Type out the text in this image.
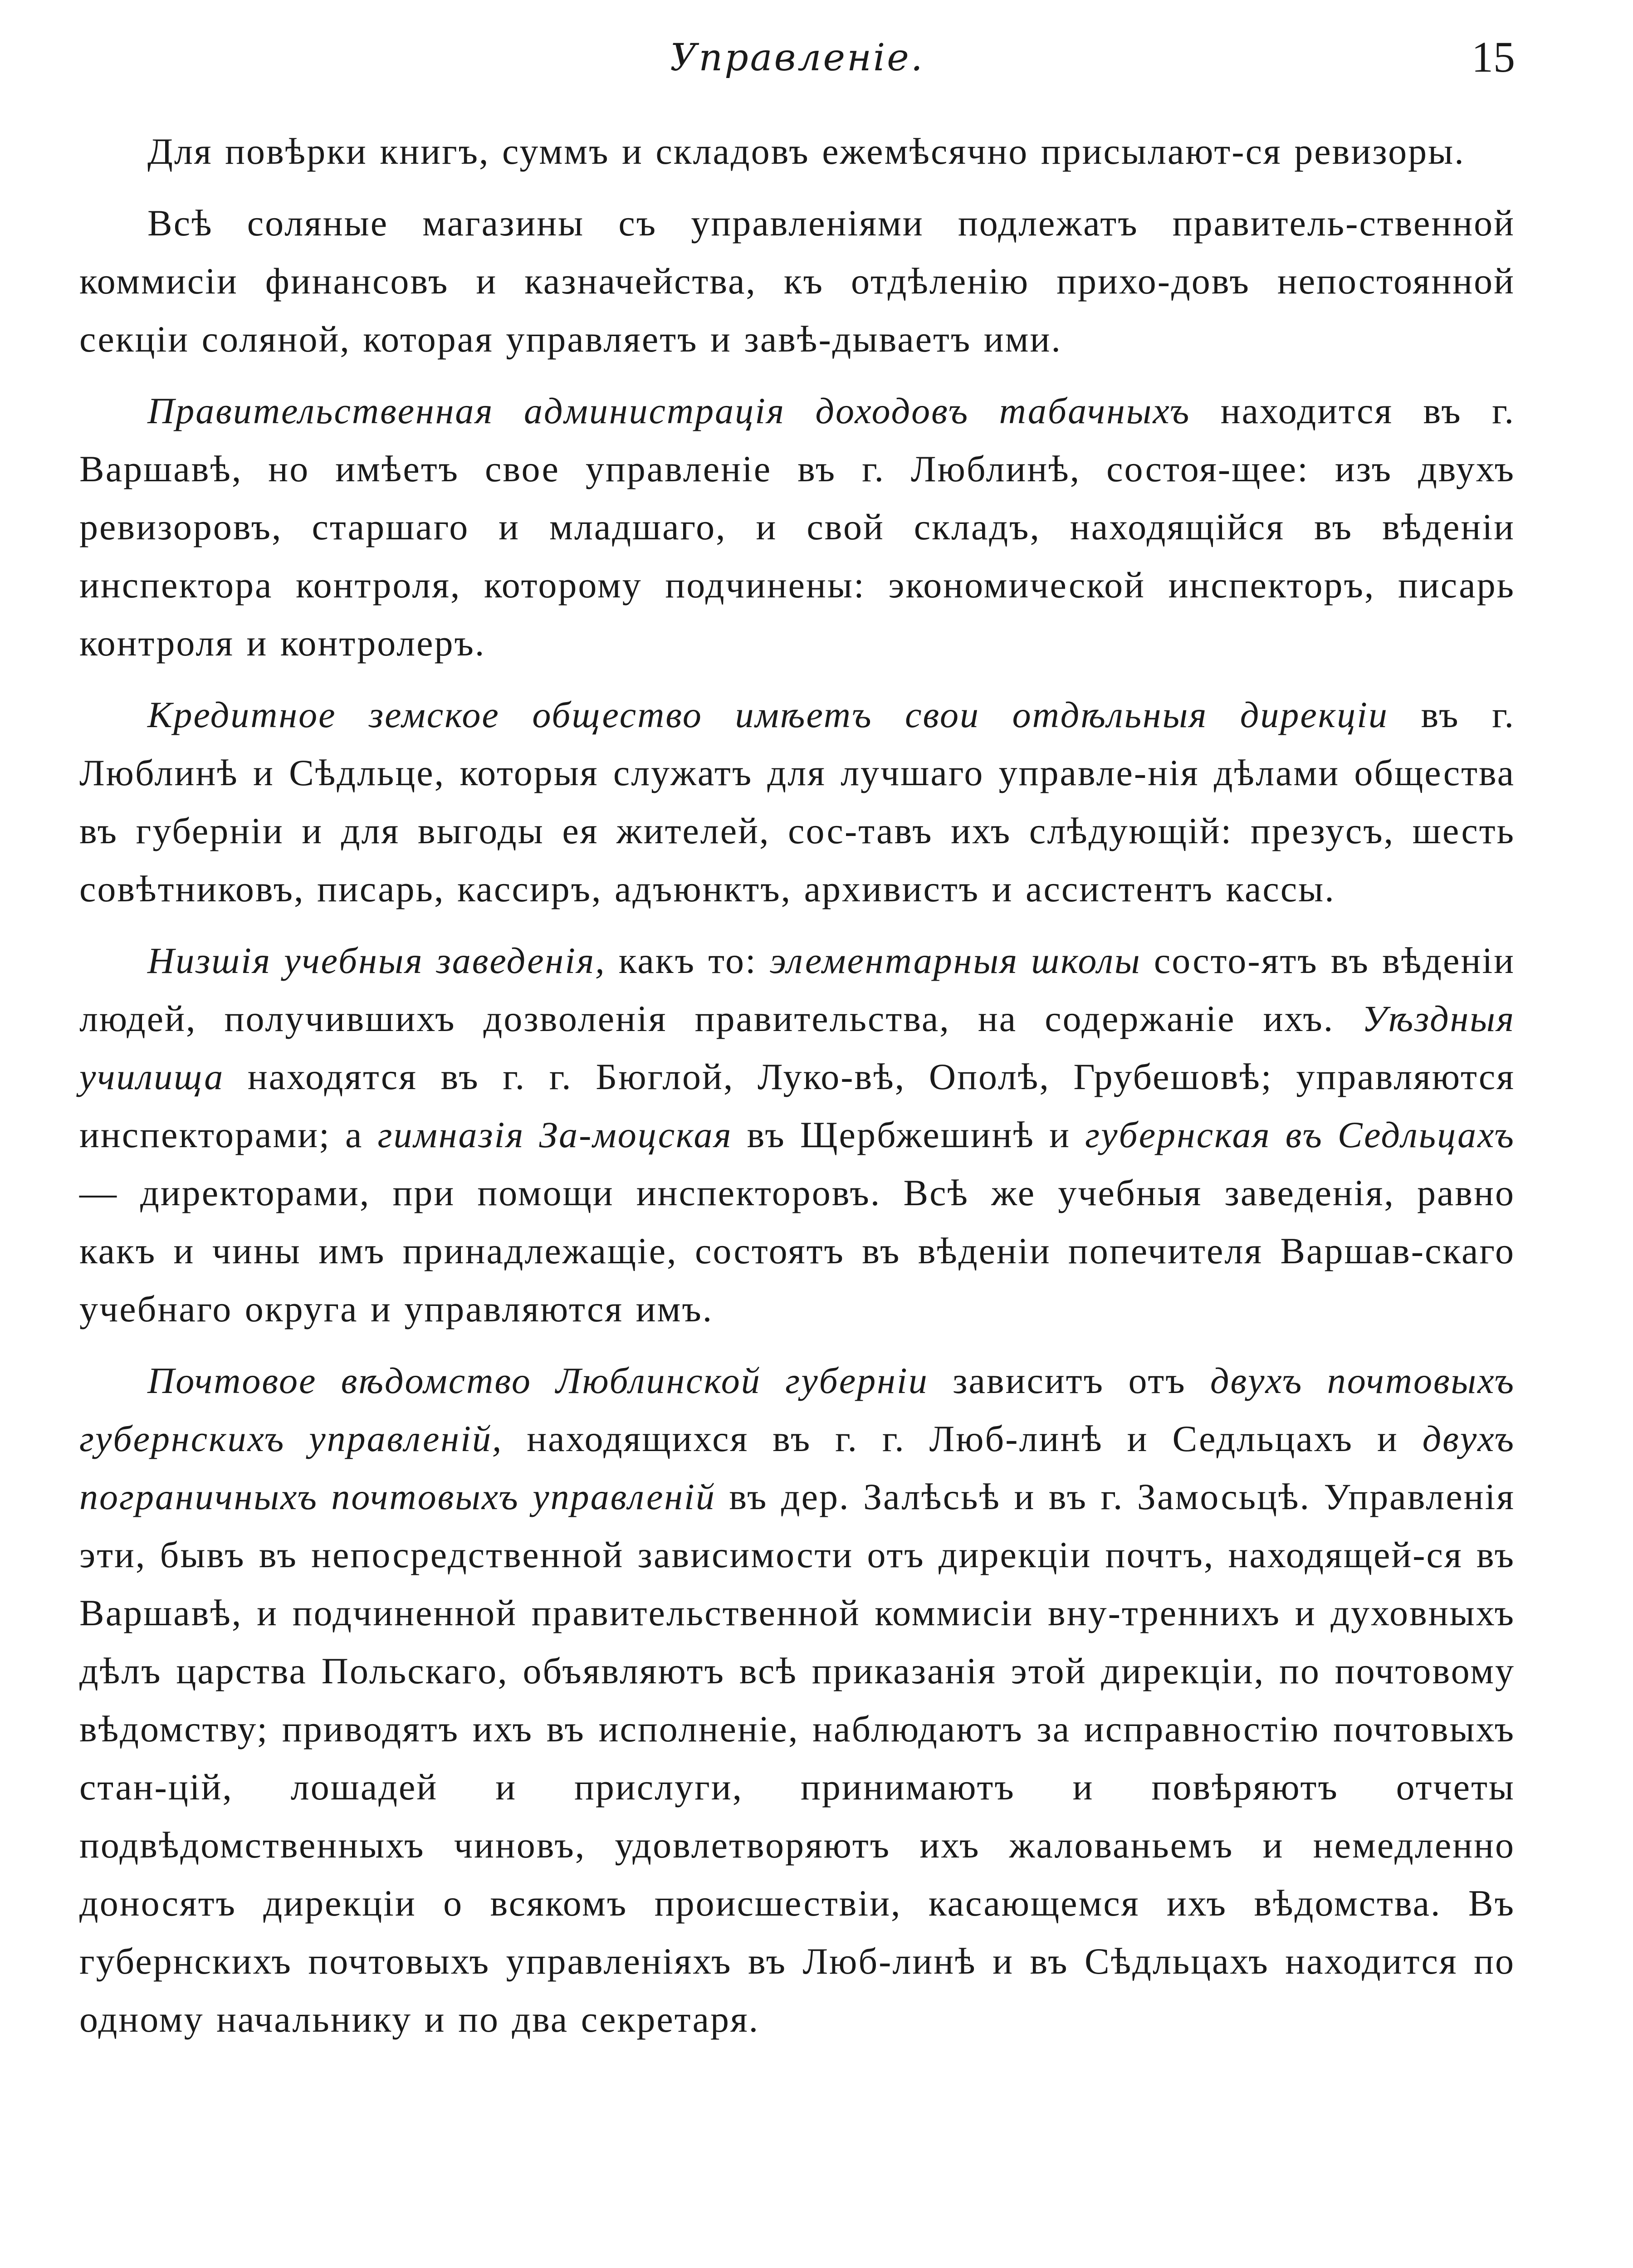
Управленіе.	15

Для повѣрки книгъ, суммъ и складовъ ежемѣсячно присылают-ся ревизоры.

Всѣ соляные магазины съ управленіями подлежатъ правитель-ственной коммисіи финансовъ и казначейства, къ отдѣленію прихо-довъ непостоянной секціи соляной, которая управляетъ и завѣ-дываетъ ими.

Правительственная администрація доходовъ табачныхъ находится въ г. Варшавѣ, но имѣетъ свое управленіе въ г. Люблинѣ, состоя-щее: изъ двухъ ревизоровъ, старшаго и младшаго, и свой складъ, находящійся въ вѣденіи инспектора контроля, которому подчинены: экономической инспекторъ, писарь контроля и контролеръ.

Кредитное земское общество имѣетъ свои отдѣльныя дирекціи въ г. Люблинѣ и Сѣдльце, которыя служатъ для лучшаго управле-нія дѣлами общества въ губерніи и для выгоды ея жителей, сос-тавъ ихъ слѣдующій: презусъ, шесть совѣтниковъ, писарь, кассиръ, адъюнктъ, архивистъ и ассистентъ кассы.

Низшія учебныя заведенія, какъ то: элементарныя школы состо-ятъ въ вѣденіи людей, получившихъ дозволенія правительства, на содержаніе ихъ. Уѣздныя училища находятся въ г. г. Бюглой, Луко-вѣ, Ополѣ, Грубешовѣ; управляются инспекторами; а гимназія За-моцская въ Щербжешинѣ и губернская въ Седльцахъ — директорами, при помощи инспекторовъ. Всѣ же учебныя заведенія, равно какъ и чины имъ принадлежащіе, состоятъ въ вѣденіи попечителя Варшав-скаго учебнаго округа и управляются имъ.

Почтовое вѣдомство Люблинской губерніи зависитъ отъ двухъ почтовыхъ губернскихъ управленій, находящихся въ г. г. Люб-линѣ и Седльцахъ и двухъ пограничныхъ почтовыхъ управленій въ дер. Залѣсьѣ и въ г. Замосьцѣ. Управленія эти, бывъ въ непосредственной зависимости отъ дирекціи почтъ, находящей-ся въ Варшавѣ, и подчиненной правительственной коммисіи вну-треннихъ и духовныхъ дѣлъ царства Польскаго, объявляютъ всѣ приказанія этой дирекціи, по почтовому вѣдомству; приводятъ ихъ въ исполненіе, наблюдаютъ за исправностію почтовыхъ стан-цій, лошадей и прислуги, принимаютъ и повѣряютъ отчеты подвѣдомственныхъ чиновъ, удовлетворяютъ ихъ жалованьемъ и немедленно доносятъ дирекціи о всякомъ происшествіи, касающемся ихъ вѣдомства. Въ губернскихъ почтовыхъ управленіяхъ въ Люб-линѣ и въ Сѣдльцахъ находится по одному начальнику и по два секретаря.
